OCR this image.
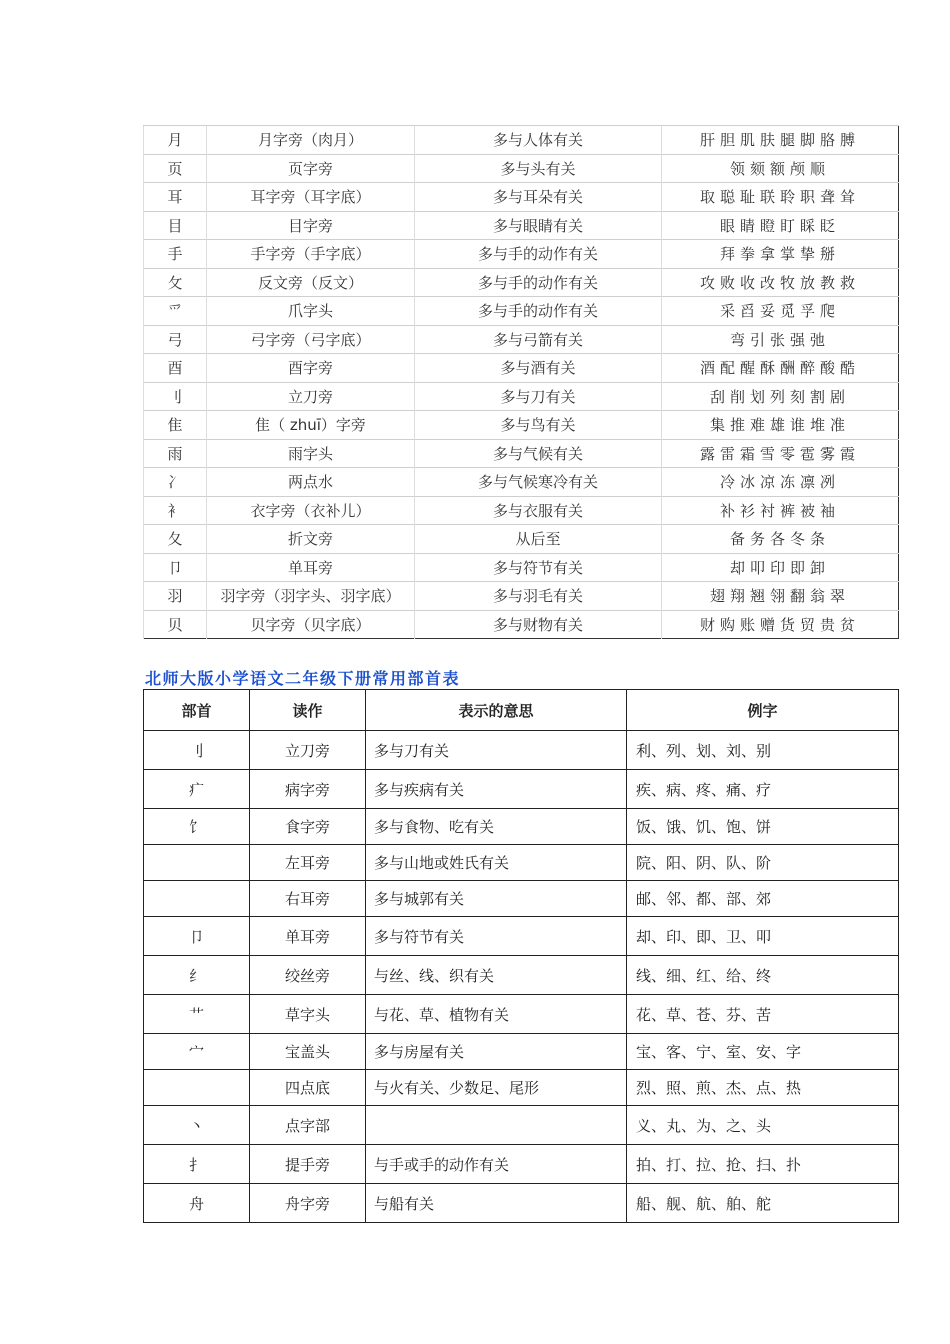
月	月字旁（肉月）	多与人体有关	肝胆肌肤腿脚胳膊
页	页字旁	多与头有关	领颏额颅顺
耳	耳字旁（耳字底）	多与耳朵有关	取聪耻联聆职聋耸
目	目字旁	多与眼睛有关	眼睛瞪盯睬眨
手	手字旁（手字底）	多与手的动作有关	拜拳拿掌挚掰
攵	反文旁（反文）	多与手的动作有关	攻败收改牧放教救
爫	爪字头	多与手的动作有关	采舀妥觅孚爬
弓	弓字旁（弓字底）	多与弓箭有关	弯引张强弛
酉	酉字旁	多与酒有关	酒配醒酥酬醉酸酷
刂	立刀旁	多与刀有关	刮削划列刻割剧
隹	隹（ zhuī）字旁	多与鸟有关	集推难雄谁堆准
雨	雨字头	多与气候有关	露雷霜雪零雹雾霞
冫	两点水	多与气候寒冷有关	冷冰凉冻凛冽
衤	衣字旁（衣补儿）	多与衣服有关	补衫衬裤被袖
夂	折文旁	从后至	备务各冬条
卩	单耳旁	多与符节有关	却叩印即卸
羽	羽字旁（羽字头、羽字底）	多与羽毛有关	翅翔翘翎翻翁翠
贝	贝字旁（贝字底）	多与财物有关	财购账赠货贸贵贫
北师大版小学语文二年级下册常用部首表
部首	读作	表示的意思	例字
刂	立刀旁	多与刀有关	利、列、划、刘、别
疒	病字旁	多与疾病有关	疾、病、疼、痛、疗
饣	食字旁	多与食物、吃有关	饭、饿、饥、饱、饼
	左耳旁	多与山地或姓氏有关	院、阳、阴、队、阶
	右耳旁	多与城郭有关	邮、邻、都、部、郊
卩	单耳旁	多与符节有关	却、印、即、卫、叩
纟	绞丝旁	与丝、线、织有关	线、细、红、给、终
艹	草字头	与花、草、植物有关	花、草、苍、芬、苦
宀	宝盖头	多与房屋有关	宝、客、宁、室、安、字
	四点底	与火有关、少数足、尾形	烈、照、煎、杰、点、热
丶	点字部		义、丸、为、之、头
扌	提手旁	与手或手的动作有关	拍、打、拉、抢、扫、扑
舟	舟字旁	与船有关	船、舰、航、舶、舵
